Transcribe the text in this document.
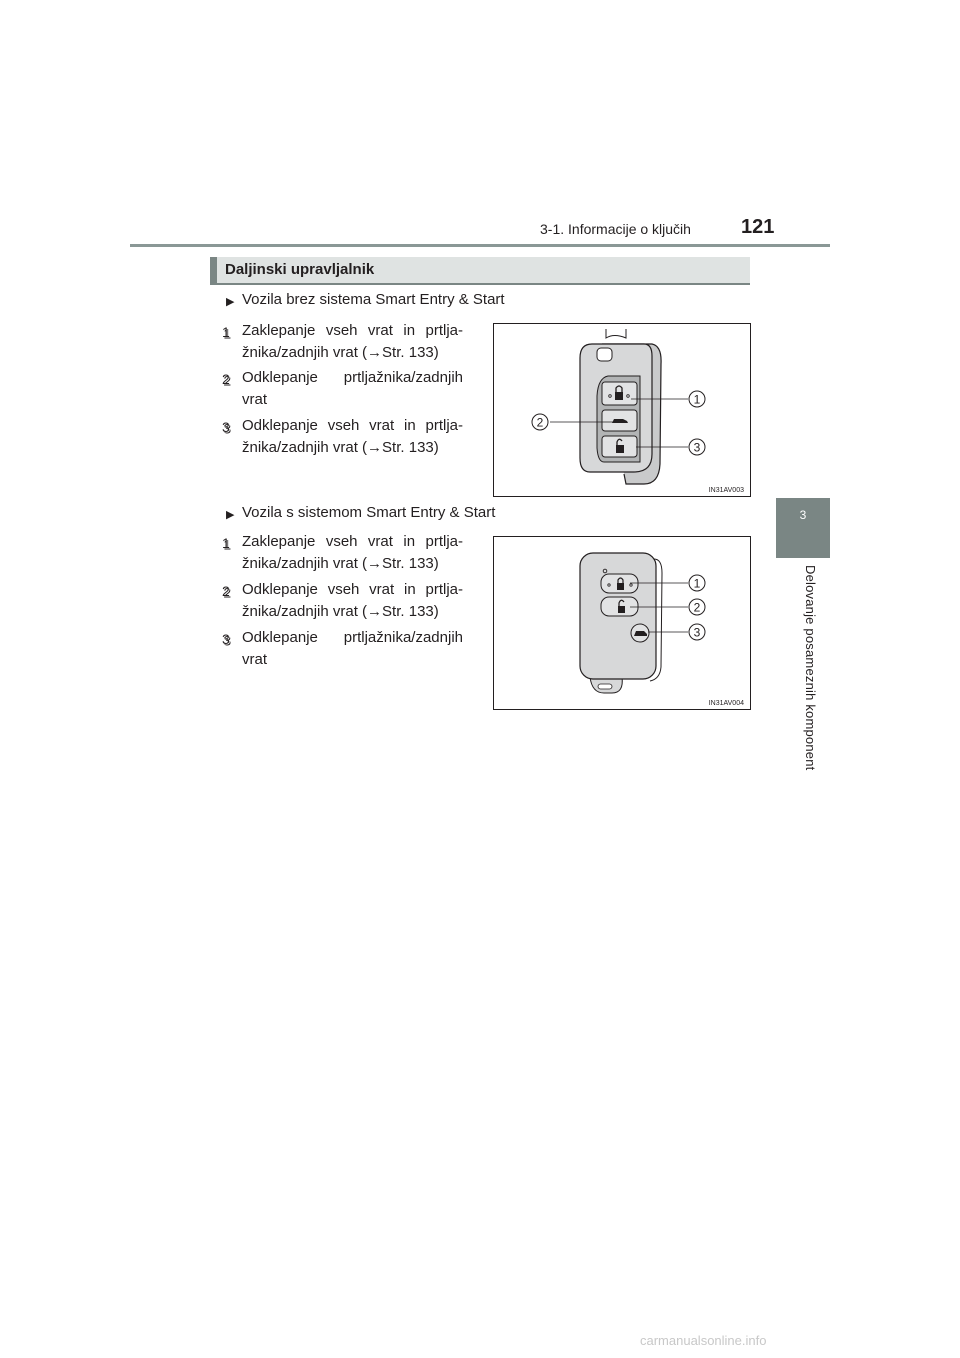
3-1. Informacije o ključih	121
3
Delovanje posameznih komponent
Daljinski upravljalnik
▶ Vozila brez sistema Smart Entry & Start
1 Zaklepanje vseh vrat in prtlja-žnika/zadnjih vrat (→Str. 133)
2 Odklepanje prtljažnika/zadnjih vrat
3 Odklepanje vseh vrat in prtlja-žnika/zadnjih vrat (→Str. 133)
1
2
3
IN31AV003
▶ Vozila s sistemom Smart Entry & Start
1 Zaklepanje vseh vrat in prtlja-žnika/zadnjih vrat (→Str. 133)
2 Odklepanje vseh vrat in prtlja-žnika/zadnjih vrat (→Str. 133)
3 Odklepanje prtljažnika/zadnjih vrat
1
2
3
IN31AV004
carmanualsonline.info
